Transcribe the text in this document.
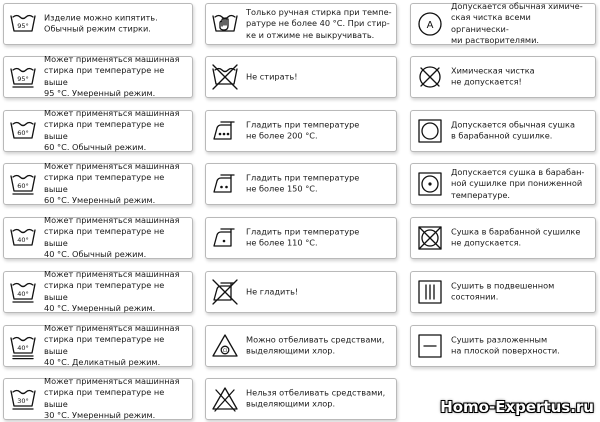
95°
Изделие можно кипятить.
Обычный режим стирки.
95°
Может применяться машинная
стирка при температуре не выше
95 °С. Умеренный режим.
60°
Может применяться машинная
стирка при температуре не выше
60 °С. Обычный режим.
60°
Может применяться машинная
стирка при температуре не выше
60 °С. Умеренный режим.
40°
Может применяться машинная
стирка при температуре не выше
40 °С. Обычный режим.
40°
Может применяться машинная
стирка при температуре не выше
40 °С. Умеренный режим.
40°
Может применяться машинная
стирка при температуре не выше
40 °С. Деликатный режим.
30°
Может применяться машинная
стирка при температуре не выше
30 °С. Умеренный режим.
Только ручная стирка при темпе-
ратуре не более 40 °С. При стир-
ке и отжиме не выкручивать.
Не стирать!
Гладить при температуре
не более 200 °С.
Гладить при температуре
не более 150 °С.
Гладить при температуре
не более 110 °С.
Не гладить!
Cl
Можно отбеливать средствами,
выделяющими хлор.
Нельзя отбеливать средствами,
выделяющими хлор.
A
Допускается обычная химиче-
ская чистка всеми органически-
ми растворителями.
Химическая чистка
не допускается!
Допускается обычная сушка
в барабанной сушилке.
Допускается сушка в барабан-
ной сушилке при пониженной
температуре.
Сушка в барабанной сушилке
не допускается.
Сушить в подвешенном
состоянии.
Сушить разложенным
на плоской поверхности.
Homo-Expertus.ru
